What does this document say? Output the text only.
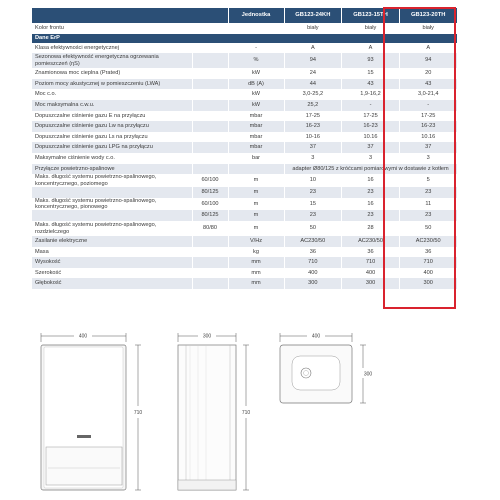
		Jednostka	GB123-24KH	GB123-15TH	GB123-20TH
Kolor frontu			biały	biały	biały
Dane ErP					
Klasa efektywności energetycznej		-	A	A	A
Sezonowa efektywność energetyczna ogrzewania pomieszczeń (ηS)		%	94	93	94
Znamionowa moc cieplna (Prated)		kW	24	15	20
Poziom mocy akustycznej w pomieszczeniu (LWA)		dB (A)	44	43	43
Moc c.o.		kW	3,0-25,2	1,9-16,2	3,0-21,4
Moc maksymalna c.w.u.		kW	25,2	-	-
Dopuszczalne ciśnienie gazu E na przyłączu		mbar	17-25	17-25	17-25
Dopuszczalne ciśnienie gazu Lw na przyłączu		mbar	16-23	16-23	16-23
Dopuszczalne ciśnienie gazu Ls na przyłączu		mbar	10-16	10.16	10.16
Dopuszczalne ciśnienie gazu LPG na przyłączu		mbar	37	37	37
Maksymalne ciśnienie wody c.o.		bar	3	3	3
Przyłącze powietrzno-spalinowe			adapter Ø80/125 z króćcami pomiarowymi w dostawie z kotłem		
Maks. długość systemu powietrzno-spalinowego, koncentrycznego, poziomego	60/100	m	10	16	5
	80/125	m	23	23	23
Maks. długość systemu powietrzno-spalinowego, koncentrycznego, pionowego	60/100	m	15	16	11
	80/125	m	23	23	23
Maks. długość systemu powietrzno-spalinowego, rozdzielczego	80/80	m	50	28	50
Zasilanie elektryczne		V/Hz	AC230/50	AC230/50	AC230/50
Masa		kg	36	36	36
Wysokość		mm	710	710	710
Szerokość		mm	400	400	400
Głębokość		mm	300	300	300
400
710
300
710
400
300
